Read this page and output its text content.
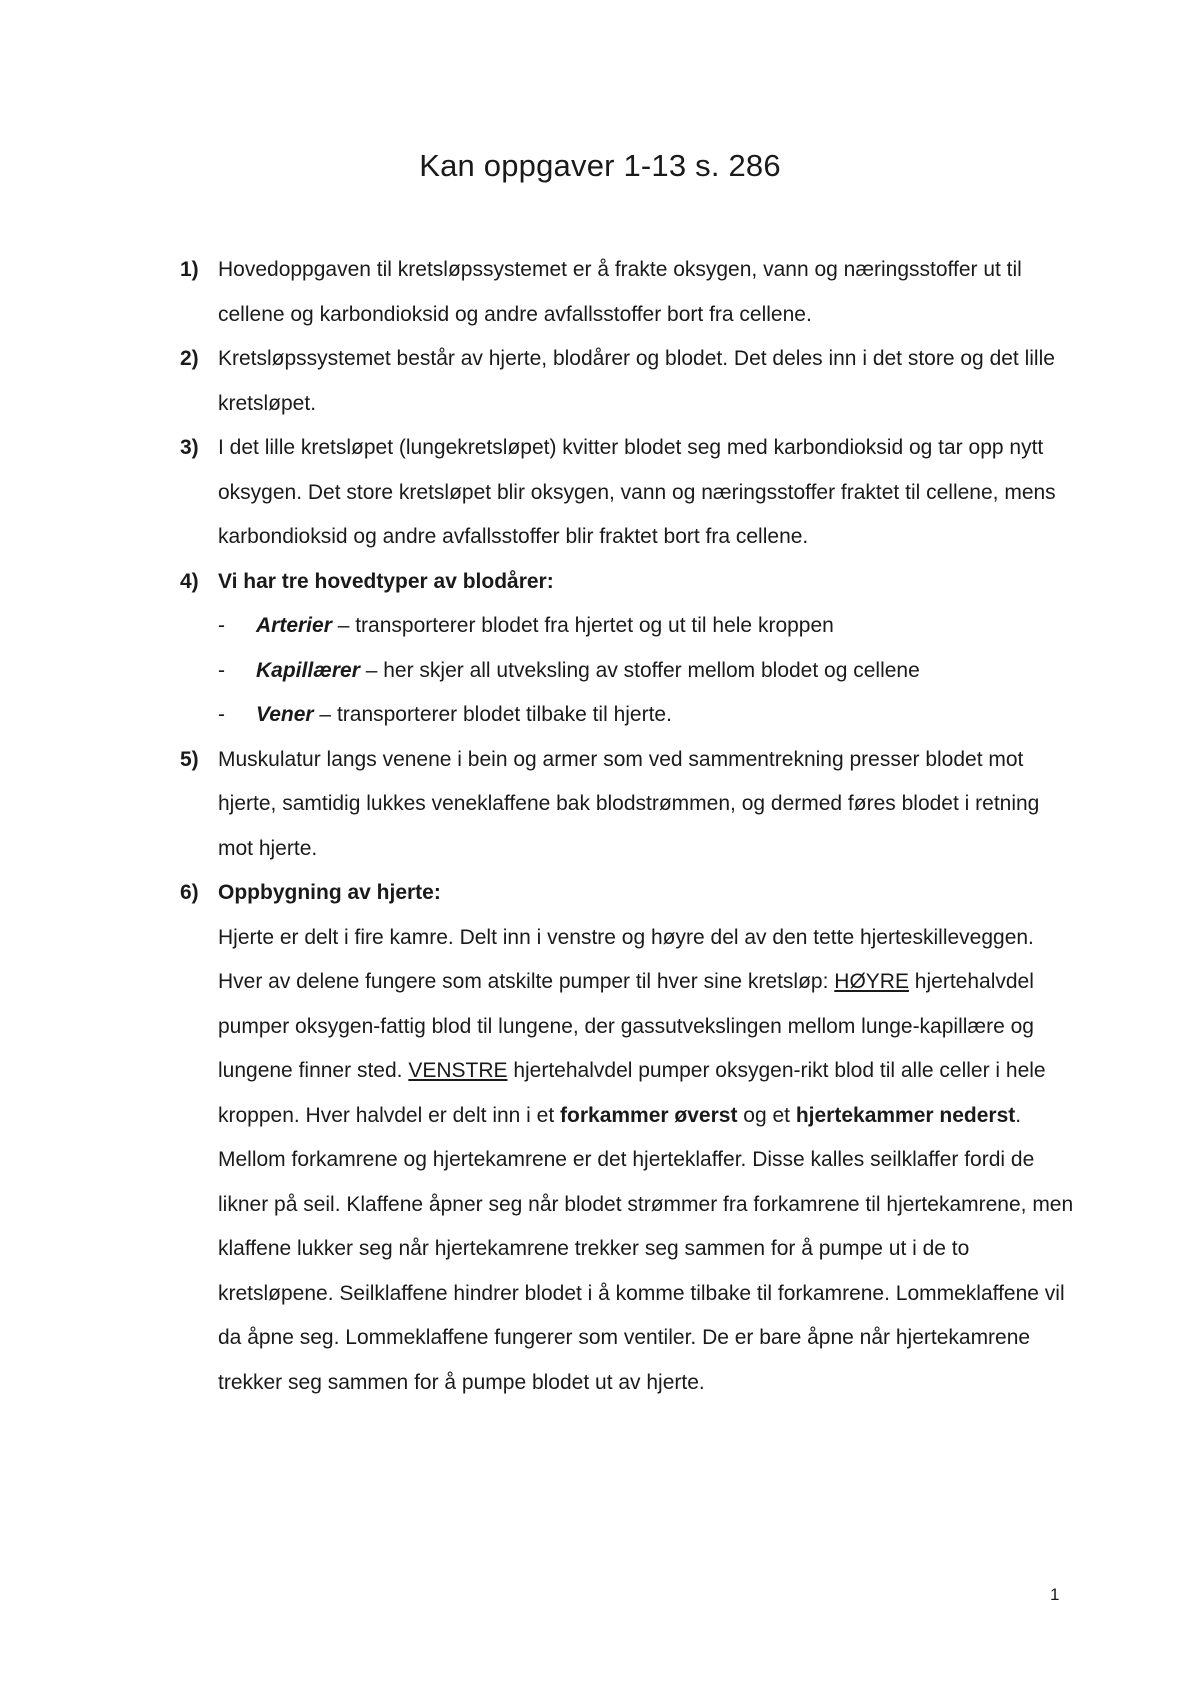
Kan oppgaver 1-13 s. 286
1) Hovedoppgaven til kretsløpssystemet er å frakte oksygen, vann og næringsstoffer ut til cellene og karbondioksid og andre avfallsstoffer bort fra cellene.
2) Kretsløpssystemet består av hjerte, blodårer og blodet. Det deles inn i det store og det lille kretsløpet.
3) I det lille kretsløpet (lungekretsløpet) kvitter blodet seg med karbondioksid og tar opp nytt oksygen. Det store kretsløpet blir oksygen, vann og næringsstoffer fraktet til cellene, mens karbondioksid og andre avfallsstoffer blir fraktet bort fra cellene.
4) Vi har tre hovedtyper av blodårer:
-	Arterier – transporterer blodet fra hjertet og ut til hele kroppen
-	Kapillærer – her skjer all utveksling av stoffer mellom blodet og cellene
-	Vener – transporterer blodet tilbake til hjerte.
5) Muskulatur langs venene i bein og armer som ved sammentrekning presser blodet mot hjerte, samtidig lukkes veneklaffene bak blodstrømmen, og dermed føres blodet i retning mot hjerte.
6) Oppbygning av hjerte:
Hjerte er delt i fire kamre. Delt inn i venstre og høyre del av den tette hjerteskilleveggen. Hver av delene fungere som atskilte pumper til hver sine kretsløp: HØYRE hjertehalvdel pumper oksygen-fattig blod til lungene, der gassutvekslingen mellom lunge-kapillære og lungene finner sted. VENSTRE hjertehalvdel pumper oksygen-rikt blod til alle celler i hele kroppen. Hver halvdel er delt inn i et forkammer øverst og et hjertekammer nederst. Mellom forkamrene og hjertekamrene er det hjerteklaffer. Disse kalles seilklaffer fordi de likner på seil. Klaffene åpner seg når blodet strømmer fra forkamrene til hjertekamrene, men klaffene lukker seg når hjertekamrene trekker seg sammen for å pumpe ut i de to kretsløpene. Seilklaffene hindrer blodet i å komme tilbake til forkamrene. Lommeklaffene vil da åpne seg. Lommeklaffene fungerer som ventiler. De er bare åpne når hjertekamrene trekker seg sammen for å pumpe blodet ut av hjerte.
1
